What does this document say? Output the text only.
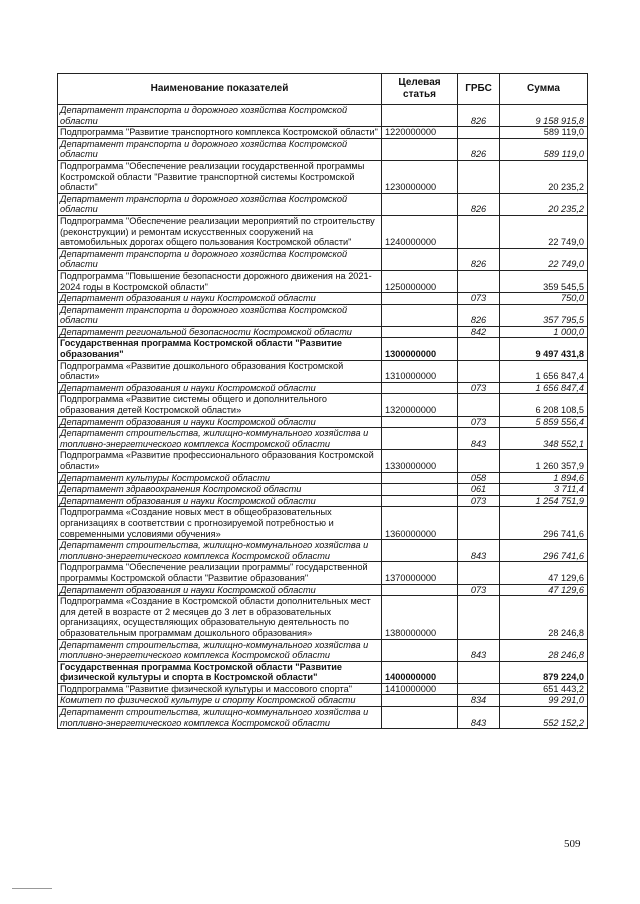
Наименование показателей	Целевая статья	ГРБС	Сумма
Департамент транспорта и дорожного хозяйства Костромской области		826	9 158 915,8
Подпрограмма "Развитие транспортного комплекса Костромской области"	1220000000		589 119,0
Департамент транспорта и дорожного хозяйства Костромской области		826	589 119,0
Подпрограмма "Обеспечение реализации государственной программы Костромской области "Развитие транспортной системы Костромской области"	1230000000		20 235,2
Департамент транспорта и дорожного хозяйства Костромской области		826	20 235,2
Подпрограмма "Обеспечение реализации мероприятий по строительству (реконструкции) и ремонтам искусственных сооружений на автомобильных дорогах общего пользования Костромской области"	1240000000		22 749,0
Департамент транспорта и дорожного хозяйства Костромской области		826	22 749,0
Подпрограмма "Повышение безопасности дорожного движения на 2021-2024 годы в Костромской области"	1250000000		359 545,5
Департамент образования и науки Костромской области		073	750,0
Департамент транспорта и дорожного хозяйства Костромской области		826	357 795,5
Департамент региональной безопасности Костромской области		842	1 000,0
Государственная программа Костромской области "Развитие образования"	1300000000		9 497 431,8
Подпрограмма «Развитие дошкольного образования Костромской области»	1310000000		1 656 847,4
Департамент образования и науки Костромской области		073	1 656 847,4
Подпрограмма «Развитие системы общего и дополнительного образования детей Костромской области»	1320000000		6 208 108,5
Департамент образования и науки Костромской области		073	5 859 556,4
Департамент строительства, жилищно-коммунального хозяйства и топливно-энергетического комплекса Костромской области		843	348 552,1
Подпрограмма «Развитие профессионального образования Костромской области»	1330000000		1 260 357,9
Департамент культуры Костромской области		058	1 894,6
Департамент здравоохранения Костромской области		061	3 711,4
Департамент образования и науки Костромской области		073	1 254 751,9
Подпрограмма «Создание новых мест в общеобразовательных организациях в соответствии с прогнозируемой потребностью и современными условиями обучения»	1360000000		296 741,6
Департамент строительства, жилищно-коммунального хозяйства и топливно-энергетического комплекса Костромской области		843	296 741,6
Подпрограмма "Обеспечение реализации программы" государственной программы Костромской области "Развитие образования"	1370000000		47 129,6
Департамент образования и науки Костромской области		073	47 129,6
Подпрограмма «Создание в Костромской области дополнительных мест для детей в возрасте от 2 месяцев до 3 лет в образовательных организациях, осуществляющих образовательную деятельность по образовательным программам дошкольного образования»	1380000000		28 246,8
Департамент строительства, жилищно-коммунального хозяйства и топливно-энергетического комплекса Костромской области		843	28 246,8
Государственная программа Костромской области "Развитие физической культуры и спорта в Костромской области"	1400000000		879 224,0
Подпрограмма "Развитие физической культуры и массового спорта"	1410000000		651 443,2
Комитет по физической культуре и спорту Костромской области		834	99 291,0
Департамент строительства, жилищно-коммунального хозяйства и топливно-энергетического комплекса Костромской области		843	552 152,2
509
